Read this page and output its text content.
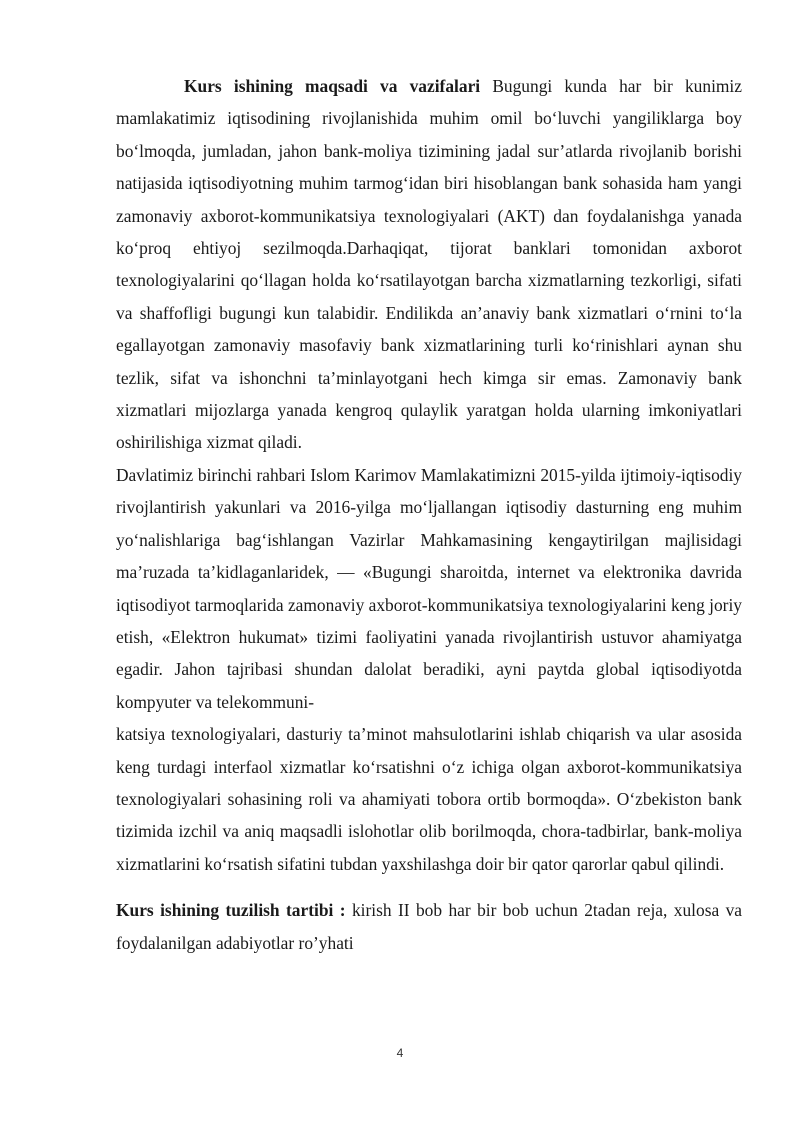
Kurs ishining maqsadi va vazifalari Bugungi kunda har bir kunimiz mamlakatimiz iqtisodining rivojlanishida muhim omil bo‘luvchi yangiliklarga boy bo‘lmoqda, jumladan, jahon bank-moliya tizimining jadal sur’atlarda rivojlanib borishi natijasida iqtisodiyotning muhim tarmog‘idan biri hisoblangan bank sohasida ham yangi zamonaviy axborot-kommunikatsiya texnologiyalari (AKT) dan foydalanishga yanada ko‘proq ehtiyoj sezilmoqda.Darhaqiqat, tijorat banklari tomonidan axborot texnologiyalarini qo‘llagan holda ko‘rsatilayotgan barcha xizmatlarning tezkorligi, sifati va shaffofligi bugungi kun talabidir. Endilikda an’anaviy bank xizmatlari o‘rnini to‘la egallayotgan zamonaviy masofaviy bank xizmatlarining turli ko‘rinishlari aynan shu tezlik, sifat va ishonchni ta’minlayotgani hech kimga sir emas. Zamonaviy bank xizmatlari mijozlarga yanada kengroq qulaylik yaratgan holda ularning imkoniyatlari oshirilishiga xizmat qiladi.

Davlatimiz birinchi rahbari Islom Karimov Mamlakatimizni 2015-yilda ijtimoiy-iqtisodiy rivojlantirish yakunlari va 2016-yilga mo‘ljallangan iqtisodiy dasturning eng muhim yo‘nalishlariga bag‘ishlangan Vazirlar Mahkamasining kengaytirilgan majlisidagi ma’ruzada ta’kidlaganlaridek, — «Bugungi sharoitda, internet va elektronika davrida iqtisodiyot tarmoqlarida zamonaviy axborot-kommunikatsiya texnologiyalarini keng joriy etish, «Elektron hukumat» tizimi faoliyatini yanada rivojlantirish ustuvor ahamiyatga egadir. Jahon tajribasi shundan dalolat beradiki, ayni paytda global iqtisodiyotda kompyuter va telekommuni-

katsiya texnologiyalari, dasturiy ta’minot mahsulotlarini ishlab chiqarish va ular asosida keng turdagi interfaol xizmatlar ko‘rsatishni o‘z ichiga olgan axborot-kommunikatsiya texnologiyalari sohasining roli va ahamiyati tobora ortib bormoqda». O‘zbekiston bank tizimida izchil va aniq maqsadli islohotlar olib borilmoqda, chora-tadbirlar, bank-moliya xizmatlarini ko‘rsatish sifatini tubdan yaxshilashga doir bir qator qarorlar qabul qilindi.

Kurs ishining tuzilish tartibi : kirish II bob har bir bob uchun 2tadan reja, xulosa va foydalanilgan adabiyotlar ro’yhati

4
